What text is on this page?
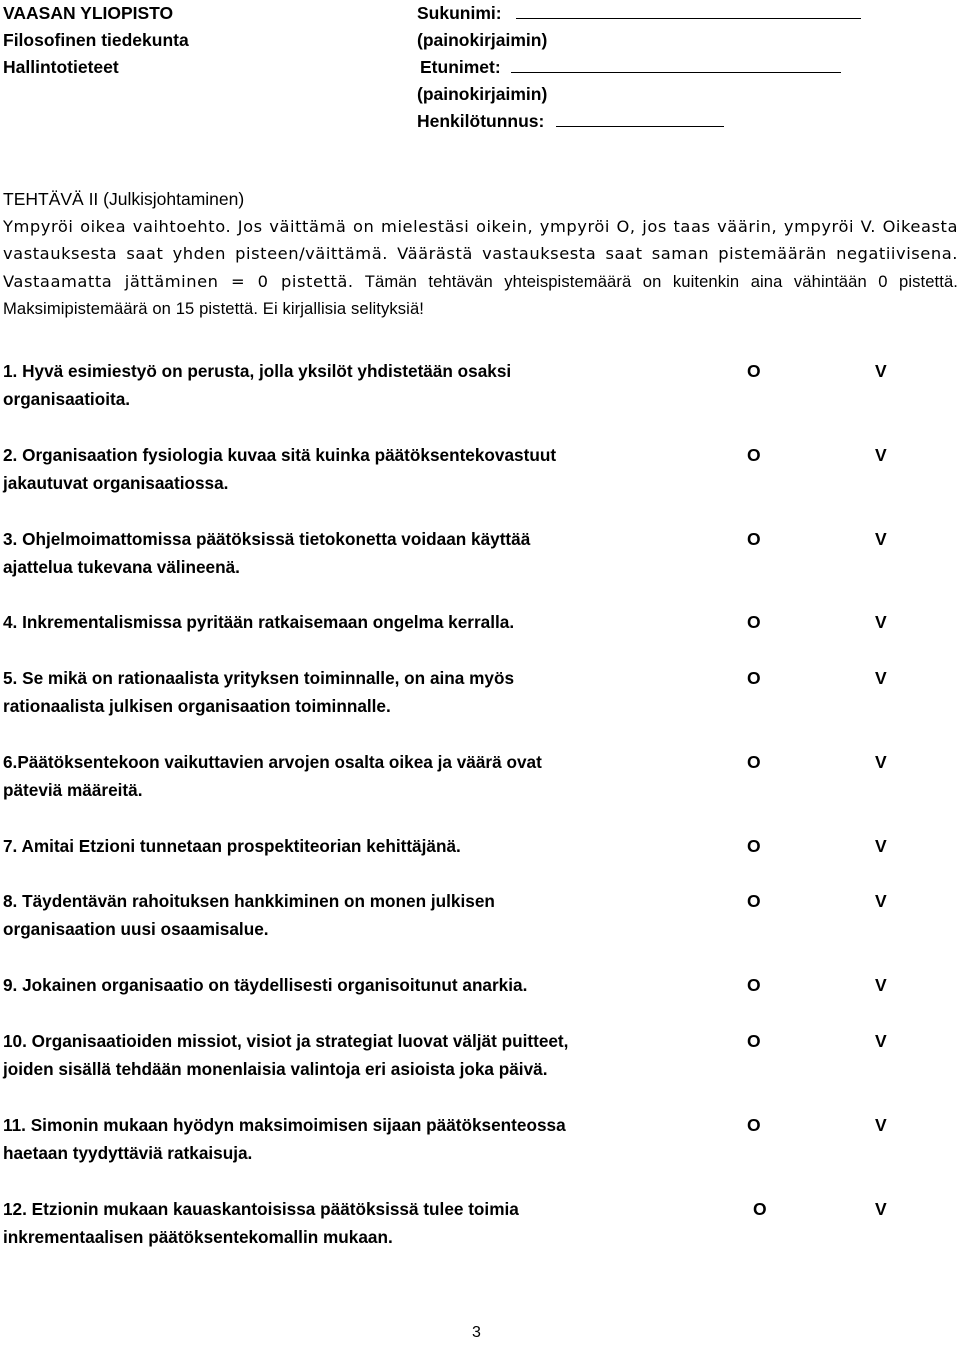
VAASAN YLIOPISTO
Filosofinen tiedekunta
Hallintotieteet
Sukunimi:
(painokirjaimin)
Etunimet:
(painokirjaimin)
Henkilötunnus:
TEHTÄVÄ II (Julkisjohtaminen)
Ympyröi oikea vaihtoehto. Jos väittämä on mielestäsi oikein, ympyröi O, jos taas väärin, ympyröi V. Oikeasta vastauksesta saat yhden pisteen/väittämä. Väärästä vastauksesta saat saman pistemäärän negatiivisena. Vastaamatta jättäminen = 0 pistettä. Tämän tehtävän yhteispistemäärä on kuitenkin aina vähintään 0 pistettä. Maksimipistemäärä on 15 pistettä. Ei kirjallisia selityksiä!
1. Hyvä esimiestyö on perusta, jolla yksilöt yhdistetään osaksi
organisaatioita.
O	V
2. Organisaation fysiologia kuvaa sitä kuinka päätöksentekovastuut
jakautuvat organisaatiossa.
O	V
3. Ohjelmoimattomissa päätöksissä tietokonetta voidaan käyttää
ajattelua tukevana välineenä.
O	V
4. Inkrementalismissa pyritään ratkaisemaan ongelma kerralla.	O	V
5. Se mikä on rationaalista yrityksen toiminnalle, on aina myös
rationaalista julkisen organisaation toiminnalle.
O	V
6.Päätöksentekoon vaikuttavien arvojen osalta oikea ja väärä ovat
päteviä määreitä.
O	V
7. Amitai Etzioni tunnetaan prospektiteorian kehittäjänä.	O	V
8. Täydentävän rahoituksen hankkiminen on monen julkisen
organisaation uusi osaamisalue.
O	V
9. Jokainen organisaatio on täydellisesti organisoitunut anarkia.	O	V
10. Organisaatioiden missiot, visiot ja strategiat luovat väljät puitteet,
joiden sisällä tehdään monenlaisia valintoja eri asioista joka päivä.
O	V
11. Simonin mukaan hyödyn maksimoimisen sijaan päätöksenteossa
haetaan tyydyttäviä ratkaisuja.
O	V
12. Etzionin mukaan kauaskantoisissa päätöksissä tulee toimia
inkrementaalisen päätöksentekomallin mukaan.
O	V
3
